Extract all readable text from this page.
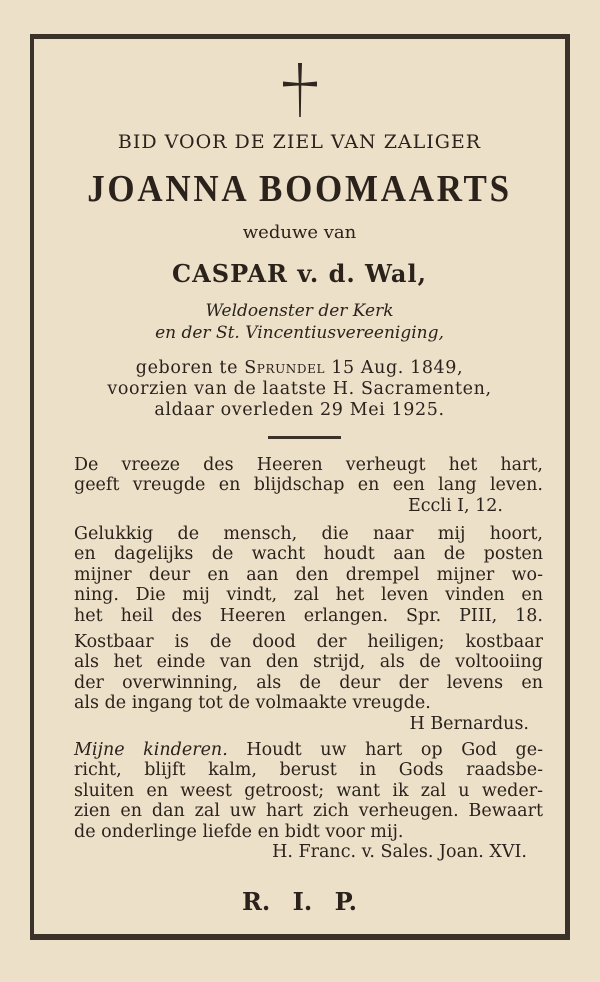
BID VOOR DE ZIEL VAN ZALIGER
JOANNA BOOMAARTS
weduwe van
CASPAR v. d. Wal,
Weldoenster der Kerk
en der St. Vincentiusvereeniging,
geboren te Sprundel 15 Aug. 1849,
voorzien van de laatste H. Sacramenten,
aldaar overleden 29 Mei 1925.
De vreeze des Heeren verheugt het hart,
geeft vreugde en blijdschap en een lang leven.
Eccli I, 12.
Gelukkig de mensch, die naar mij hoort,
en dagelijks de wacht houdt aan de posten
mijner deur en aan den drempel mijner wo-
ning. Die mij vindt, zal het leven vinden en
het heil des Heeren erlangen. Spr. PIII, 18.
Kostbaar is de dood der heiligen; kostbaar
als het einde van den strijd, als de voltooiing
der overwinning, als de deur der levens en
als de ingang tot de volmaakte vreugde.
H Bernardus.
Mijne kinderen. Houdt uw hart op God ge-
richt, blijft kalm, berust in Gods raadsbe-
sluiten en weest getroost; want ik zal u weder-
zien en dan zal uw hart zich verheugen. Bewaart
de onderlinge liefde en bidt voor mij.
H. Franc. v. Sales. Joan. XVI.
R. I. P.
